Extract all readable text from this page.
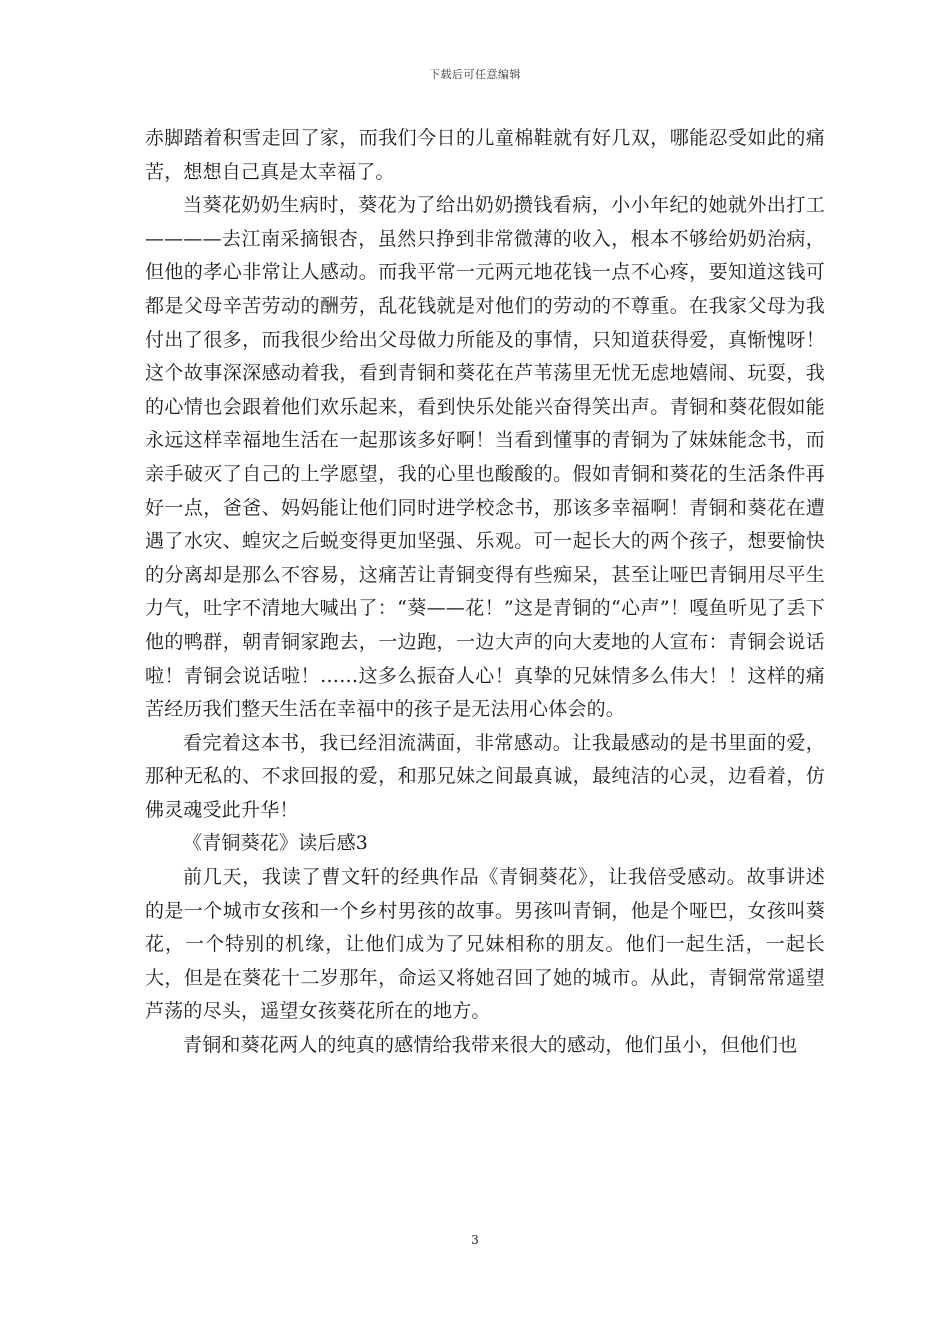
下载后可任意编辑

赤脚踏着积雪走回了家，而我们今日的儿童棉鞋就有好几双，哪能忍受如此的痛苦，想想自己真是太幸福了。

当葵花奶奶生病时，葵花为了给出奶奶攒钱看病，小小年纪的她就外出打工————去江南采摘银杏，虽然只挣到非常微薄的收入，根本不够给奶奶治病，但他的孝心非常让人感动。而我平常一元两元地花钱一点不心疼，要知道这钱可都是父母辛苦劳动的酬劳，乱花钱就是对他们的劳动的不尊重。在我家父母为我付出了很多，而我很少给出父母做力所能及的事情，只知道获得爱，真惭愧呀！这个故事深深感动着我，看到青铜和葵花在芦苇荡里无忧无虑地嬉闹、玩耍，我的心情也会跟着他们欢乐起来，看到快乐处能兴奋得笑出声。青铜和葵花假如能永远这样幸福地生活在一起那该多好啊！当看到懂事的青铜为了妹妹能念书，而亲手破灭了自己的上学愿望，我的心里也酸酸的。假如青铜和葵花的生活条件再好一点，爸爸、妈妈能让他们同时进学校念书，那该多幸福啊！青铜和葵花在遭遇了水灾、蝗灾之后蜕变得更加坚强、乐观。可一起长大的两个孩子，想要愉快的分离却是那么不容易，这痛苦让青铜变得有些痴呆，甚至让哑巴青铜用尽平生力气，吐字不清地大喊出了：“葵——花！”这是青铜的“心声”！嘎鱼听见了丢下他的鸭群，朝青铜家跑去，一边跑，一边大声的向大麦地的人宣布：青铜会说话啦！青铜会说话啦！……这多么振奋人心！真挚的兄妹情多么伟大！！这样的痛苦经历我们整天生活在幸福中的孩子是无法用心体会的。

看完着这本书，我已经泪流满面，非常感动。让我最感动的是书里面的爱，那种无私的、不求回报的爱，和那兄妹之间最真诚，最纯洁的心灵，边看着，仿佛灵魂受此升华！

《青铜葵花》读后感3

前几天，我读了曹文轩的经典作品《青铜葵花》，让我倍受感动。故事讲述的是一个城市女孩和一个乡村男孩的故事。男孩叫青铜，他是个哑巴，女孩叫葵花，一个特别的机缘，让他们成为了兄妹相称的朋友。他们一起生活，一起长大，但是在葵花十二岁那年，命运又将她召回了她的城市。从此，青铜常常遥望芦荡的尽头，遥望女孩葵花所在的地方。

青铜和葵花两人的纯真的感情给我带来很大的感动，他们虽小，但他们也

3
